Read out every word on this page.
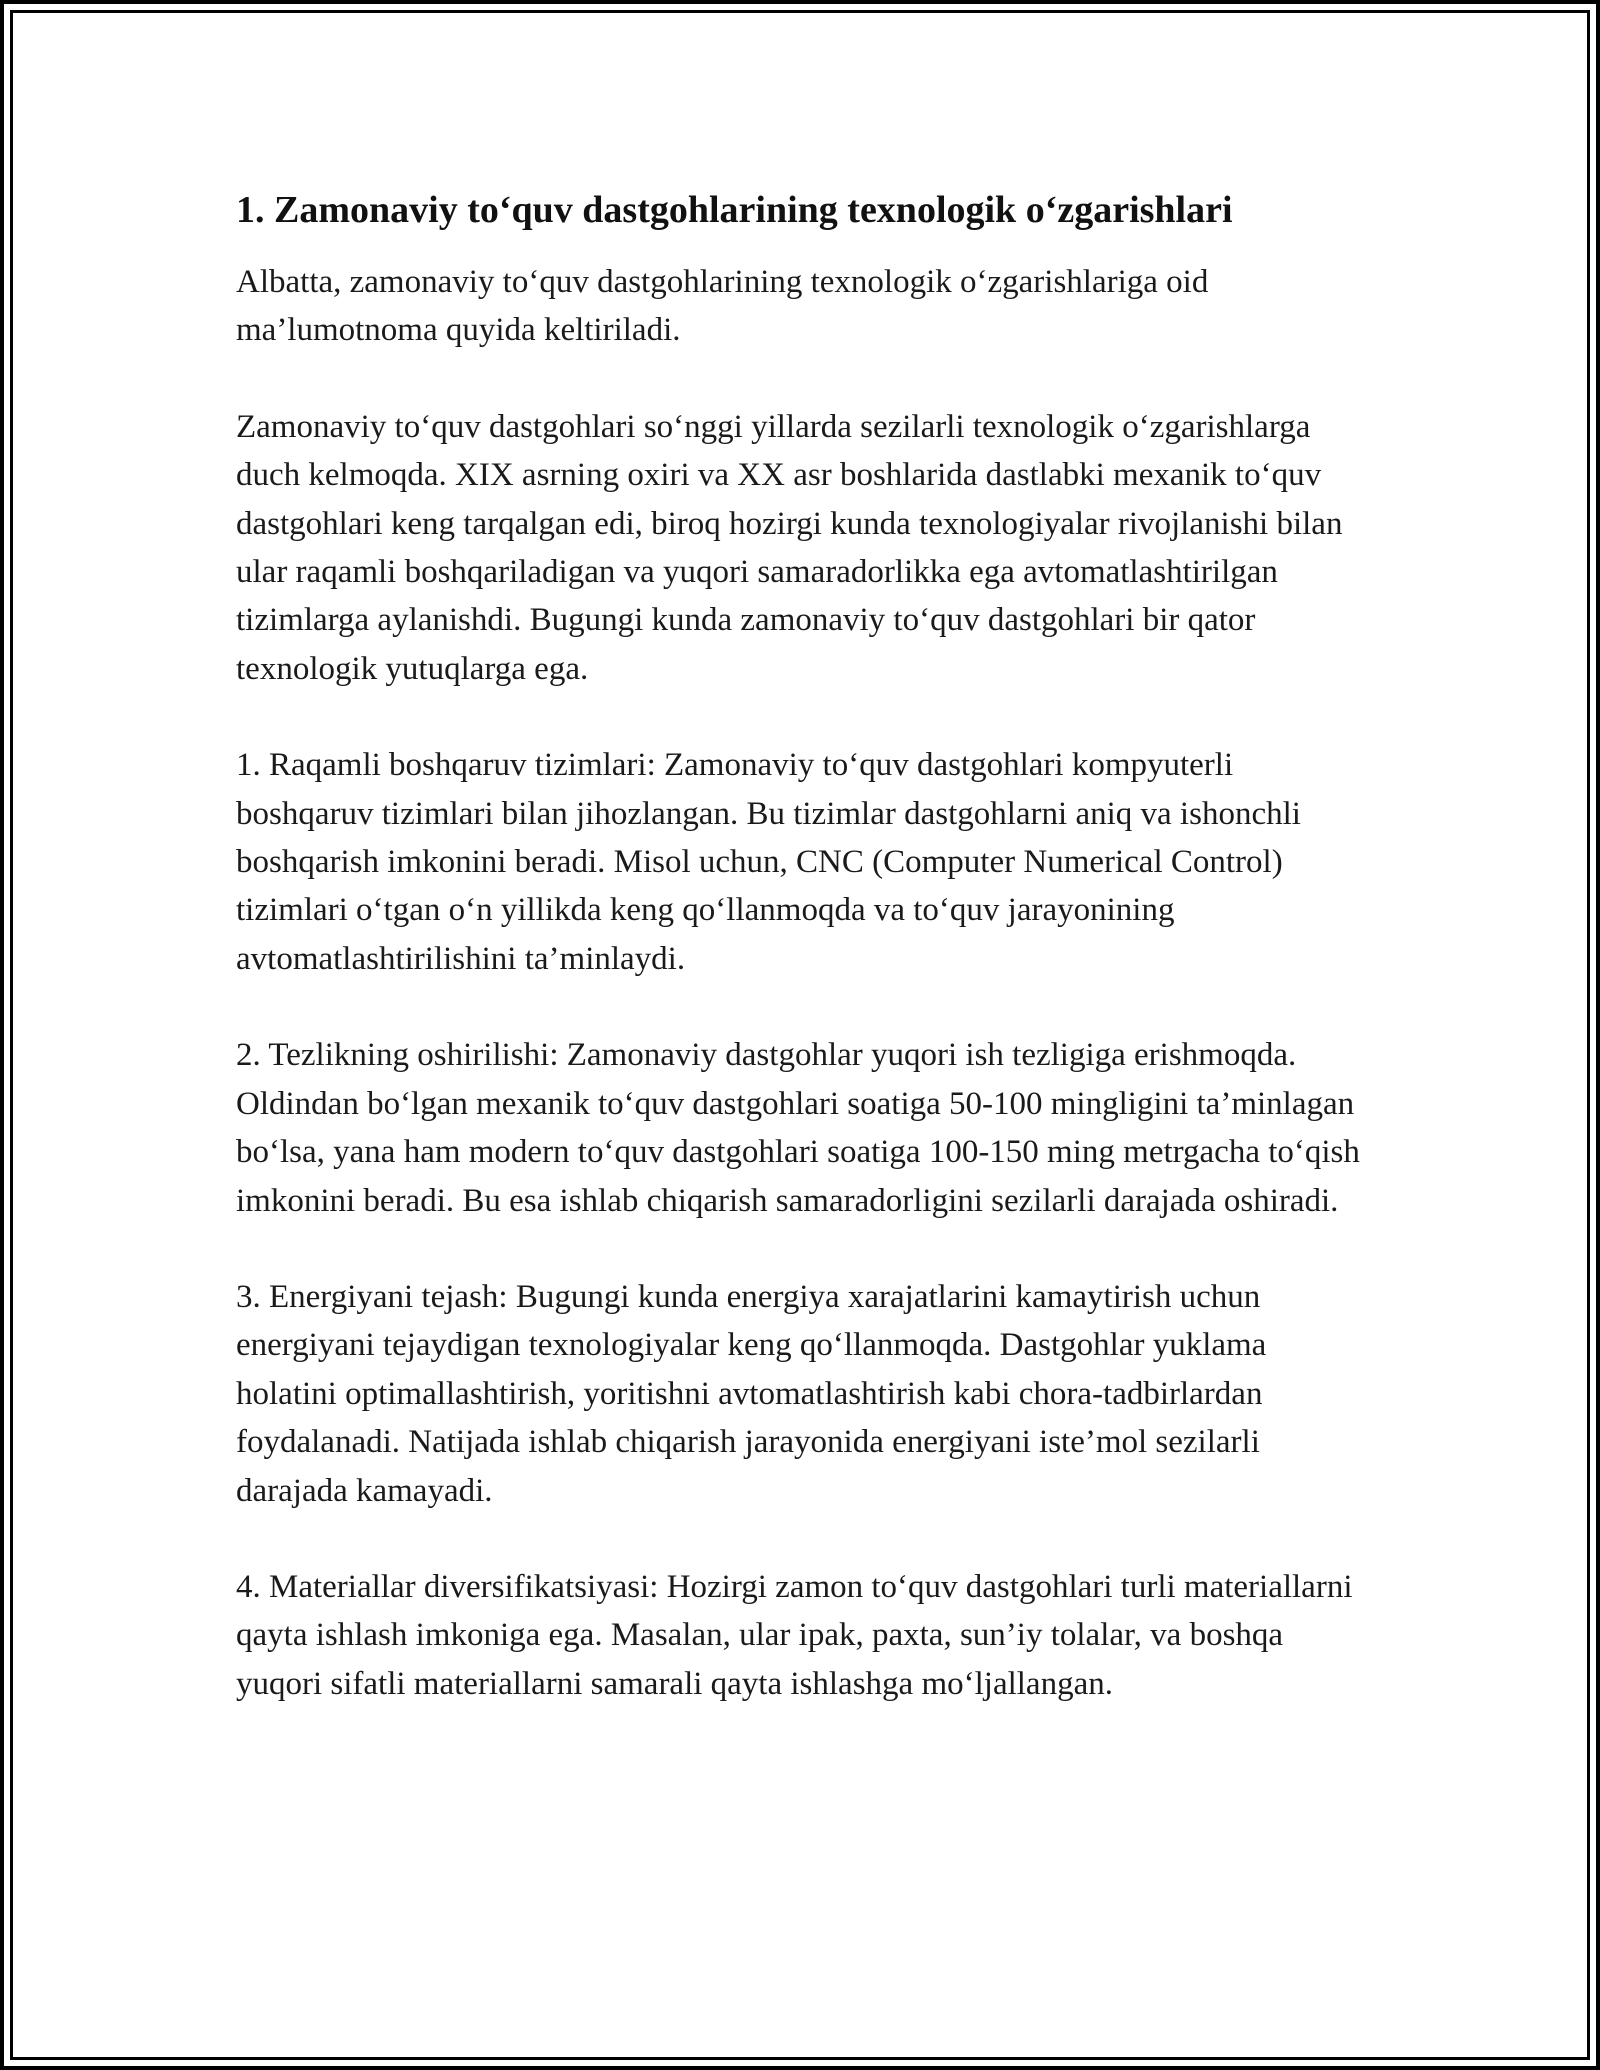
1. Zamonaviy to‘quv dastgohlarining texnologik o‘zgarishlari

Albatta, zamonaviy to‘quv dastgohlarining texnologik o‘zgarishlariga oid ma’lumotnoma quyida keltiriladi.

Zamonaviy to‘quv dastgohlari so‘nggi yillarda sezilarli texnologik o‘zgarishlarga duch kelmoqda. XIX asrning oxiri va XX asr boshlarida dastlabki mexanik to‘quv dastgohlari keng tarqalgan edi, biroq hozirgi kunda texnologiyalar rivojlanishi bilan ular raqamli boshqariladigan va yuqori samaradorlikka ega avtomatlashtirilgan tizimlarga aylanishdi. Bugungi kunda zamonaviy to‘quv dastgohlari bir qator texnologik yutuqlarga ega.

1. Raqamli boshqaruv tizimlari: Zamonaviy to‘quv dastgohlari kompyuterli boshqaruv tizimlari bilan jihozlangan. Bu tizimlar dastgohlarni aniq va ishonchli boshqarish imkonini beradi. Misol uchun, CNC (Computer Numerical Control) tizimlari o‘tgan o‘n yillikda keng qo‘llanmoqda va to‘quv jarayonining avtomatlashtirilishini ta’minlaydi.

2. Tezlikning oshirilishi: Zamonaviy dastgohlar yuqori ish tezligiga erishmoqda. Oldindan bo‘lgan mexanik to‘quv dastgohlari soatiga 50-100 mingligini ta’minlagan bo‘lsa, yana ham modern to‘quv dastgohlari soatiga 100-150 ming metrgacha to‘qish imkonini beradi. Bu esa ishlab chiqarish samaradorligini sezilarli darajada oshiradi.

3. Energiyani tejash: Bugungi kunda energiya xarajatlarini kamaytirish uchun energiyani tejaydigan texnologiyalar keng qo‘llanmoqda. Dastgohlar yuklama holatini optimallashtirish, yoritishni avtomatlashtirish kabi chora-tadbirlardan foydalanadi. Natijada ishlab chiqarish jarayonida energiyani iste’mol sezilarli darajada kamayadi.

4. Materiallar diversifikatsiyasi: Hozirgi zamon to‘quv dastgohlari turli materiallarni qayta ishlash imkoniga ega. Masalan, ular ipak, paxta, sun’iy tolalar, va boshqa yuqori sifatli materiallarni samarali qayta ishlashga mo‘ljallangan.
